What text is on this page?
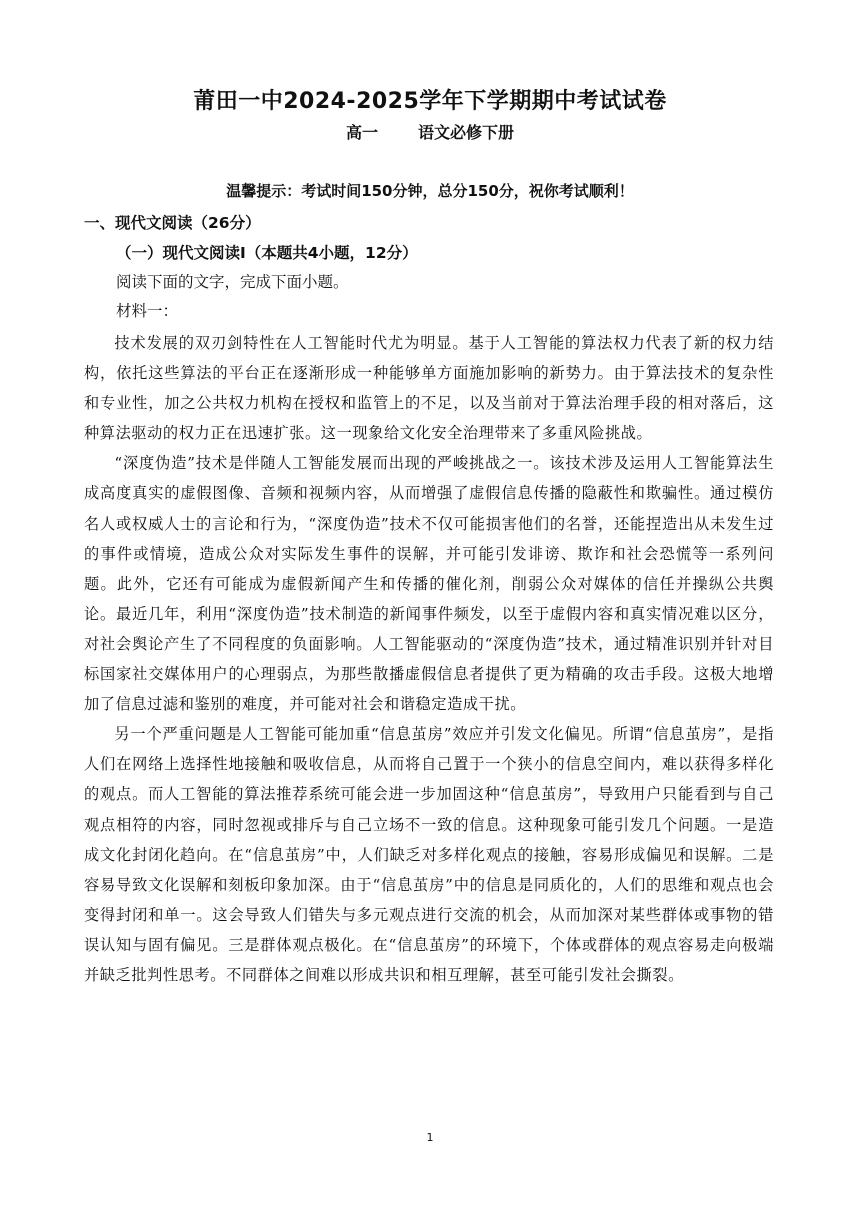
莆田一中2024-2025学年下学期期中考试试卷
高一	语文必修下册
温馨提示：考试时间150分钟，总分150分，祝你考试顺利！
一、现代文阅读（26分）
（一）现代文阅读Ⅰ（本题共4小题，12分）
阅读下面的文字，完成下面小题。
材料一：

技术发展的双刃剑特性在人工智能时代尤为明显。基于人工智能的算法权力代表了新的权力结构，依托这些算法的平台正在逐渐形成一种能够单方面施加影响的新势力。由于算法技术的复杂性和专业性，加之公共权力机构在授权和监管上的不足，以及当前对于算法治理手段的相对落后，这种算法驱动的权力正在迅速扩张。这一现象给文化安全治理带来了多重风险挑战。

“深度伪造”技术是伴随人工智能发展而出现的严峻挑战之一。该技术涉及运用人工智能算法生成高度真实的虚假图像、音频和视频内容，从而增强了虚假信息传播的隐蔽性和欺骗性。通过模仿名人或权威人士的言论和行为，“深度伪造”技术不仅可能损害他们的名誉，还能捏造出从未发生过的事件或情境，造成公众对实际发生事件的误解，并可能引发诽谤、欺诈和社会恐慌等一系列问题。此外，它还有可能成为虚假新闻产生和传播的催化剂，削弱公众对媒体的信任并操纵公共舆论。最近几年，利用“深度伪造”技术制造的新闻事件频发，以至于虚假内容和真实情况难以区分，对社会舆论产生了不同程度的负面影响。人工智能驱动的“深度伪造”技术，通过精准识别并针对目标国家社交媒体用户的心理弱点，为那些散播虚假信息者提供了更为精确的攻击手段。这极大地增加了信息过滤和鉴别的难度，并可能对社会和谐稳定造成干扰。

另一个严重问题是人工智能可能加重“信息茧房”效应并引发文化偏见。所谓“信息茧房”，是指人们在网络上选择性地接触和吸收信息，从而将自己置于一个狭小的信息空间内，难以获得多样化的观点。而人工智能的算法推荐系统可能会进一步加固这种“信息茧房”，导致用户只能看到与自己观点相符的内容，同时忽视或排斥与自己立场不一致的信息。这种现象可能引发几个问题。一是造成文化封闭化趋向。在“信息茧房”中，人们缺乏对多样化观点的接触，容易形成偏见和误解。二是容易导致文化误解和刻板印象加深。由于“信息茧房”中的信息是同质化的，人们的思维和观点也会变得封闭和单一。这会导致人们错失与多元观点进行交流的机会，从而加深对某些群体或事物的错误认知与固有偏见。三是群体观点极化。在“信息茧房”的环境下，个体或群体的观点容易走向极端并缺乏批判性思考。不同群体之间难以形成共识和相互理解，甚至可能引发社会撕裂。

1
